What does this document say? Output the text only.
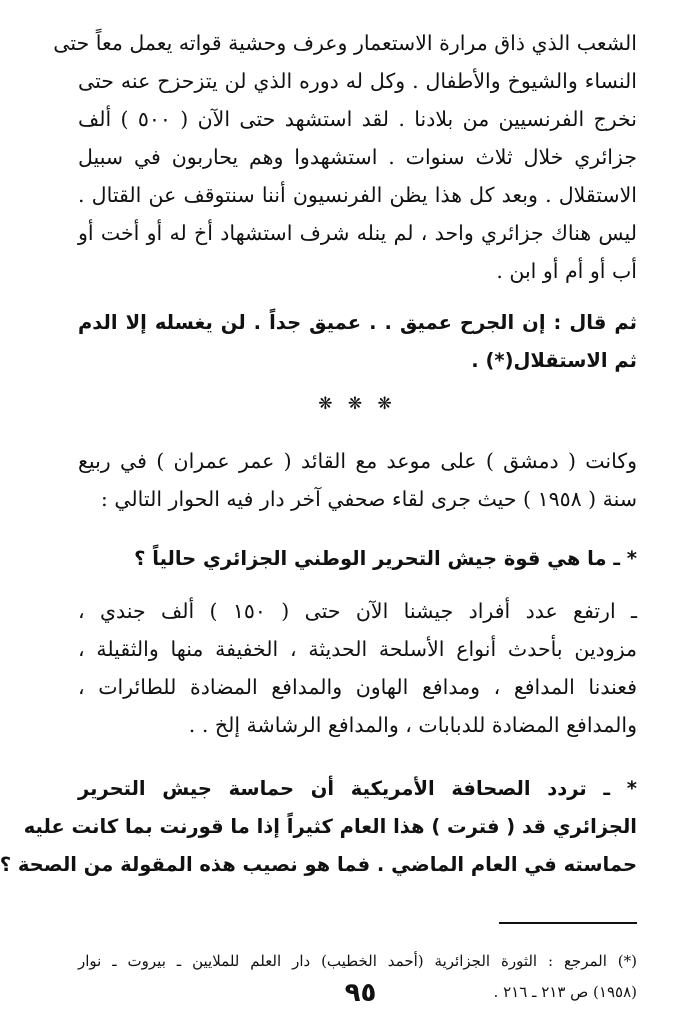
الشعب الذي ذاق مرارة الاستعمار وعرف وحشية قواته يعمل معاً حتى
النساء والشيوخ والأطفال . وكل له دوره الذي لن يتزحزح عنه حتى
نخرج الفرنسيين من بلادنا . لقد استشهد حتى الآن ( ٥٠٠ ) ألف
جزائري خلال ثلاث سنوات . استشهدوا وهم يحاربون في سبيل
الاستقلال . وبعد كل هذا يظن الفرنسيون أننا سنتوقف عن القتال .
ليس هناك جزائري واحد ، لم ينله شرف استشهاد أخ له أو أخت أو
أب أو أم أو ابن .
ثم قال : إن الجرح عميق . . عميق جداً . لن يغسله إلا الدم
ثم الاستقلال(*) .
❋ ❋ ❋
وكانت ( دمشق ) على موعد مع القائد ( عمر عمران ) في ربيع
سنة ( ١٩٥٨ ) حيث جرى لقاء صحفي آخر دار فيه الحوار التالي :
* ـ ما هي قوة جيش التحرير الوطني الجزائري حالياً ؟
ـ ارتفع عدد أفراد جيشنا الآن حتى ( ١٥٠ ) ألف جندي ،
مزودين بأحدث أنواع الأسلحة الحديثة ، الخفيفة منها والثقيلة ،
فعندنا المدافع ، ومدافع الهاون والمدافع المضادة للطائرات ،
والمدافع المضادة للدبابات ، والمدافع الرشاشة إلخ . .
* ـ تردد الصحافة الأمريكية أن حماسة جيش التحرير
الجزائري قد ( فترت ) هذا العام كثيراً إذا ما قورنت بما كانت عليه
حماسته في العام الماضي . فما هو نصيب هذه المقولة من الصحة ؟
(*) المرجع : الثورة الجزائرية (أحمد الخطيب) دار العلم للملايين ـ بيروت ـ نوار
(١٩٥٨) ص ٢١٣ ـ ٢١٦ .
٩٥
